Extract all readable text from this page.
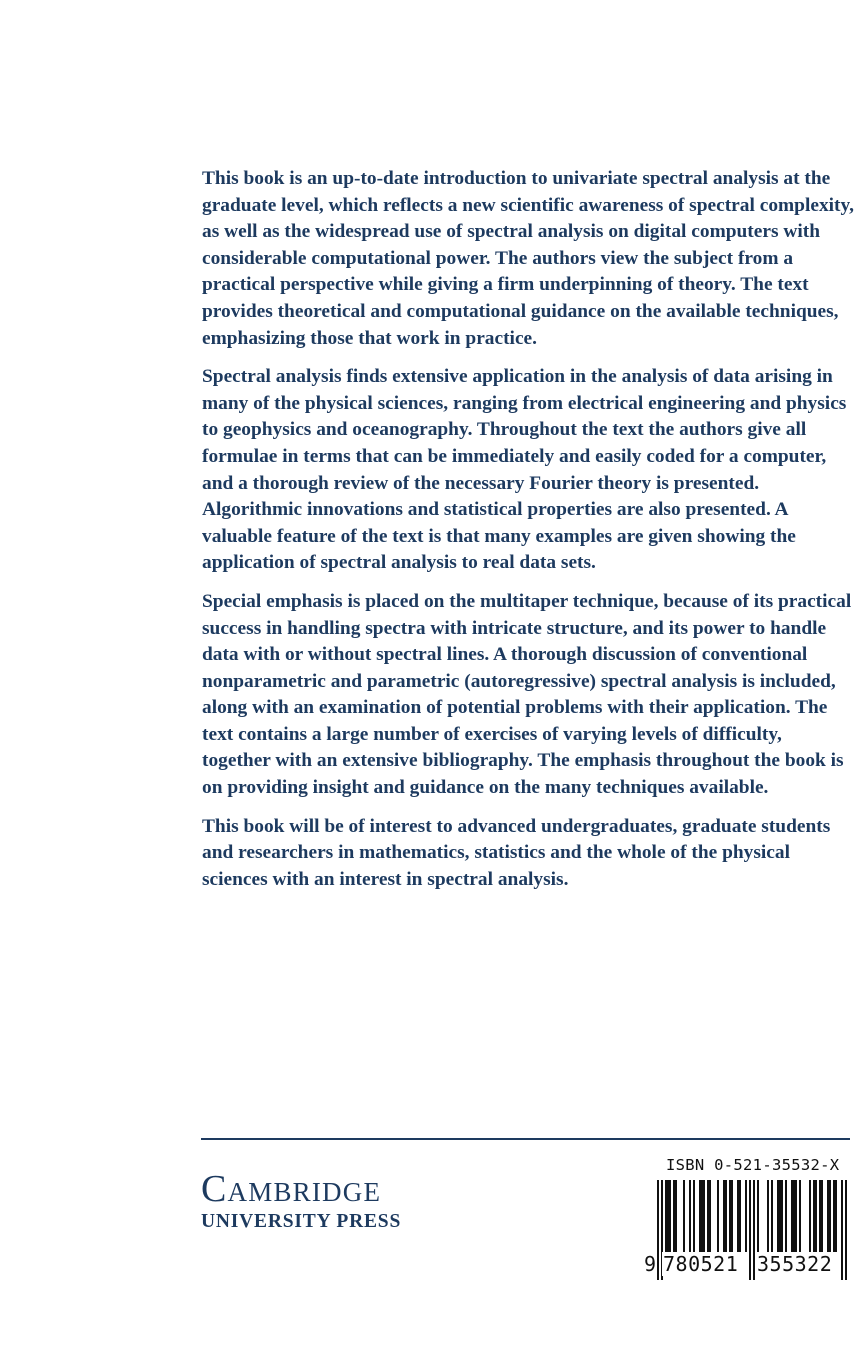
This book is an up-to-date introduction to univariate spectral analysis at the graduate level, which reflects a new scientific awareness of spectral complexity, as well as the widespread use of spectral analysis on digital computers with considerable computational power. The authors view the subject from a practical perspective while giving a firm underpinning of theory. The text provides theoretical and computational guidance on the available techniques, emphasizing those that work in practice.

Spectral analysis finds extensive application in the analysis of data arising in many of the physical sciences, ranging from electrical engineering and physics to geophysics and oceanography. Throughout the text the authors give all formulae in terms that can be immediately and easily coded for a computer, and a thorough review of the necessary Fourier theory is presented. Algorithmic innovations and statistical properties are also presented. A valuable feature of the text is that many examples are given showing the application of spectral analysis to real data sets.

Special emphasis is placed on the multitaper technique, because of its practical success in handling spectra with intricate structure, and its power to handle data with or without spectral lines. A thorough discussion of conventional nonparametric and parametric (autoregressive) spectral analysis is included, along with an examination of potential problems with their application. The text contains a large number of exercises of varying levels of difficulty, together with an extensive bibliography. The emphasis throughout the book is on providing insight and guidance on the many techniques available.

This book will be of interest to advanced undergraduates, graduate students and researchers in mathematics, statistics and the whole of the physical sciences with an interest in spectral analysis.

Cambridge
UNIVERSITY PRESS
ISBN 0-521-35532-X
9 780521 355322
